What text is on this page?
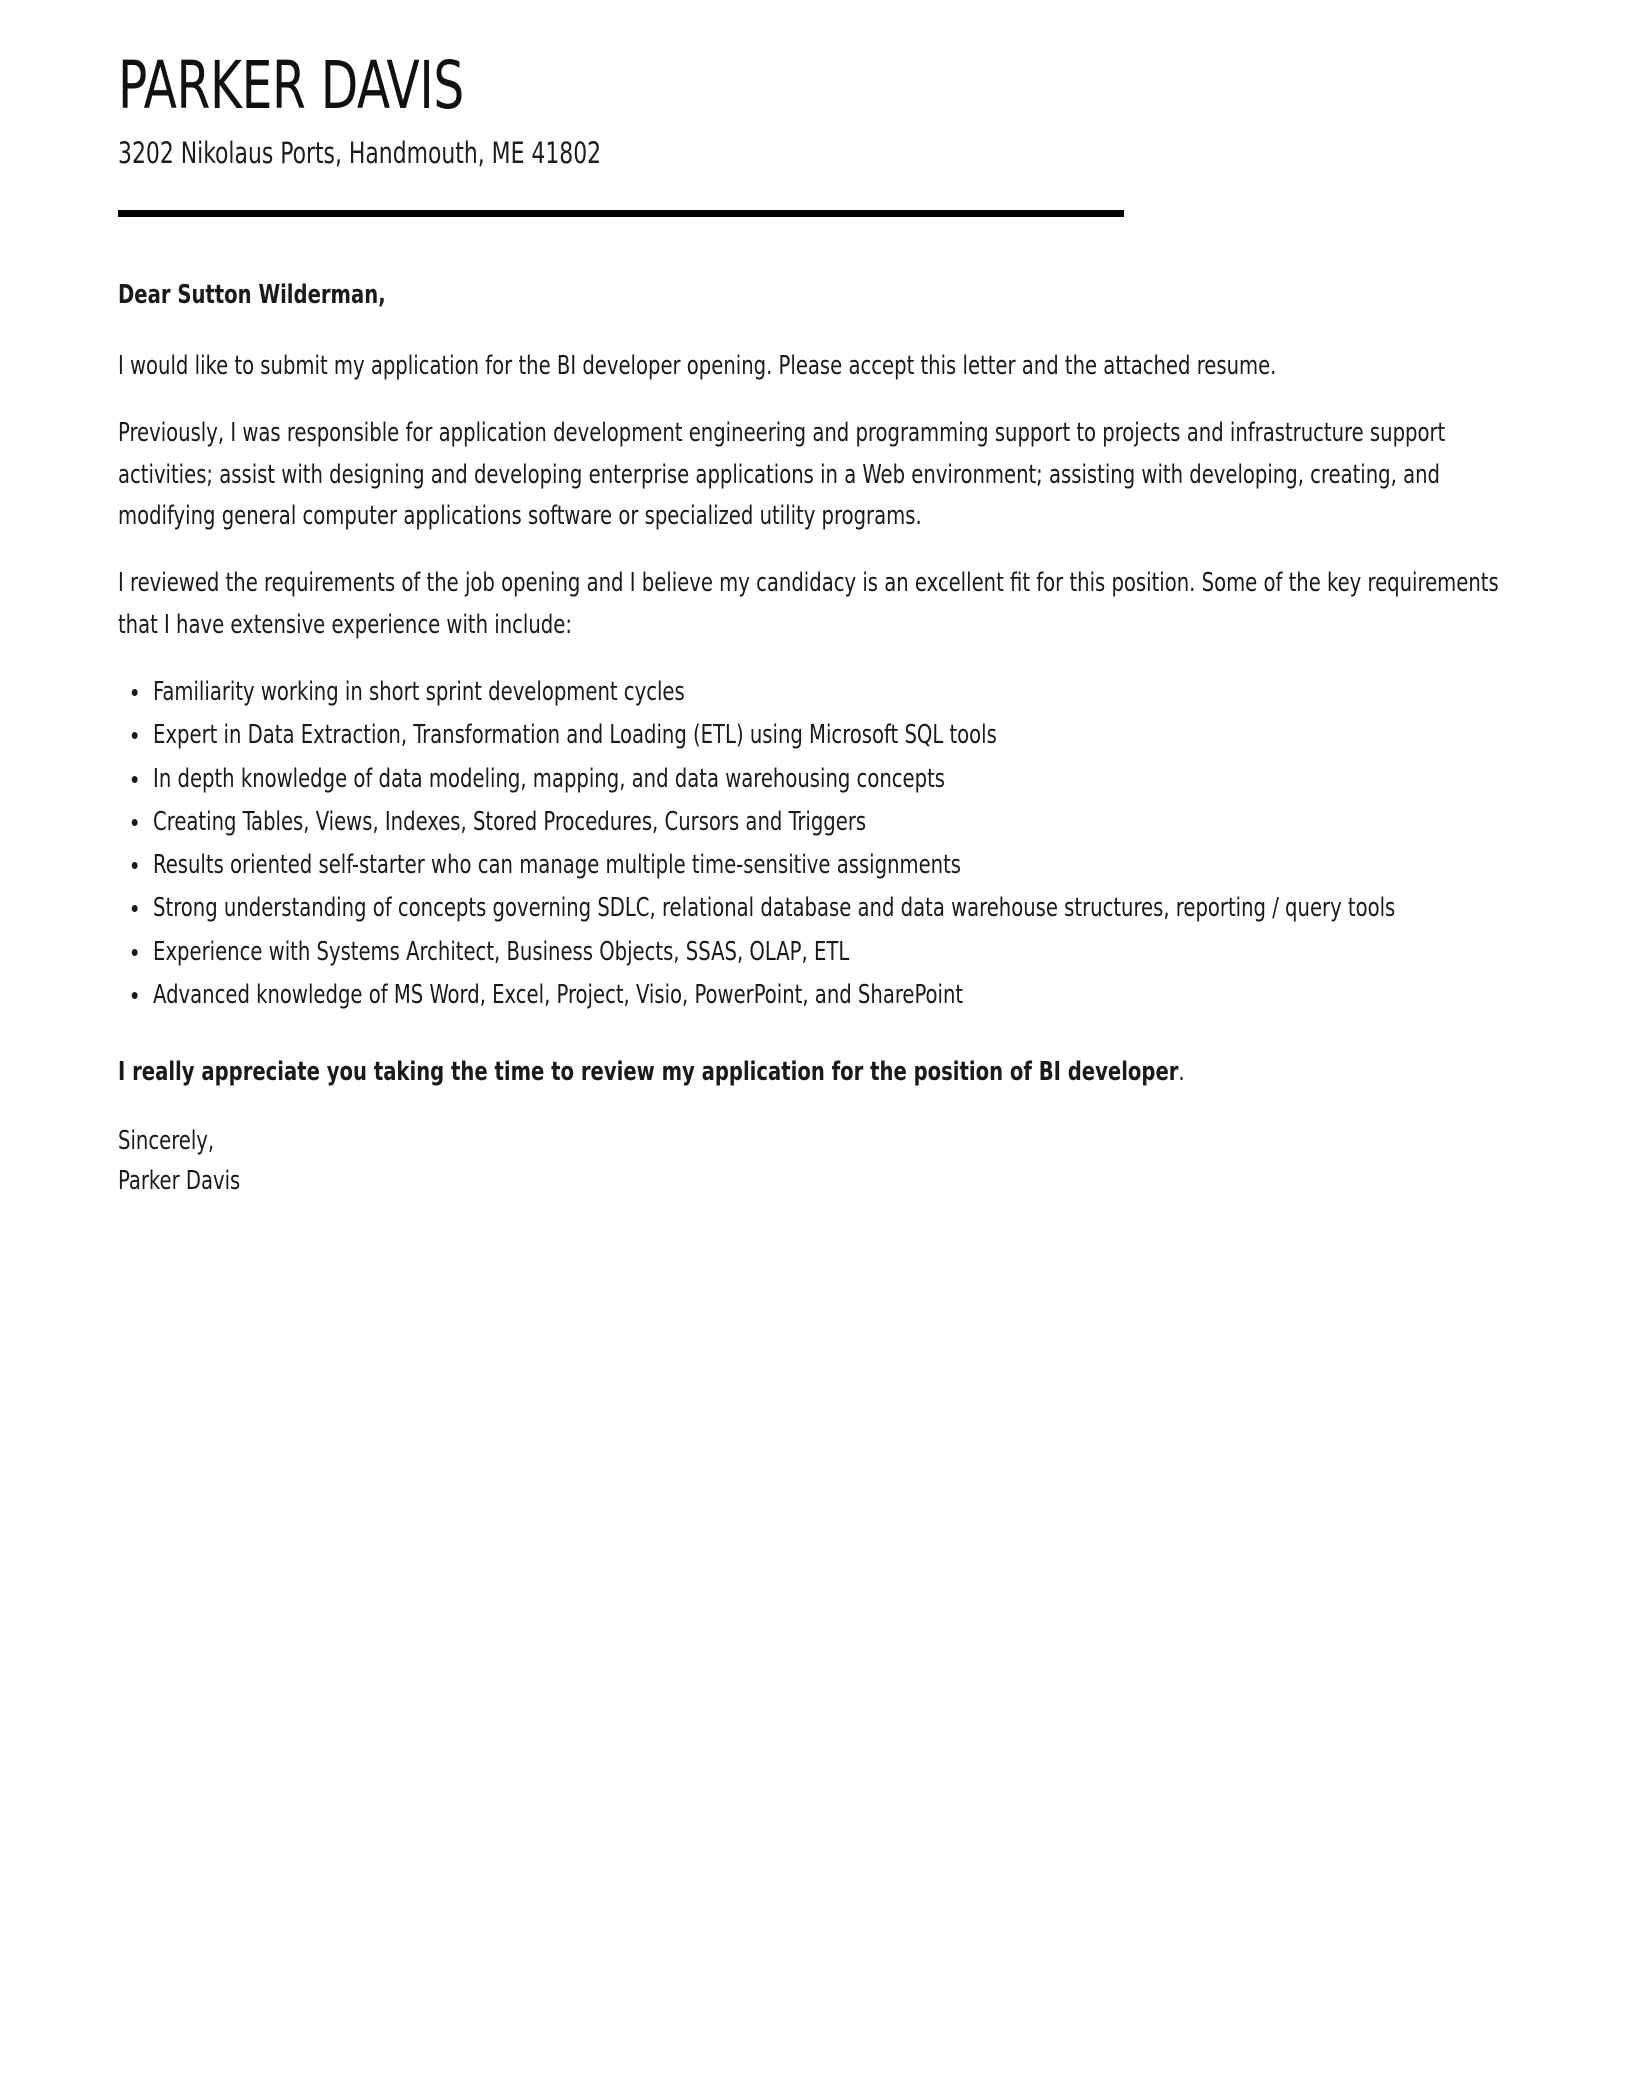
PARKER DAVIS
3202 Nikolaus Ports, Handmouth, ME 41802

Dear Sutton Wilderman,

I would like to submit my application for the BI developer opening. Please accept this letter and the attached resume.

Previously, I was responsible for application development engineering and programming support to projects and infrastructure support activities; assist with designing and developing enterprise applications in a Web environment; assisting with developing, creating, and modifying general computer applications software or specialized utility programs.

I reviewed the requirements of the job opening and I believe my candidacy is an excellent fit for this position. Some of the key requirements that I have extensive experience with include:

Familiarity working in short sprint development cycles
Expert in Data Extraction, Transformation and Loading (ETL) using Microsoft SQL tools
In depth knowledge of data modeling, mapping, and data warehousing concepts
Creating Tables, Views, Indexes, Stored Procedures, Cursors and Triggers
Results oriented self-starter who can manage multiple time-sensitive assignments
Strong understanding of concepts governing SDLC, relational database and data warehouse structures, reporting / query tools
Experience with Systems Architect, Business Objects, SSAS, OLAP, ETL
Advanced knowledge of MS Word, Excel, Project, Visio, PowerPoint, and SharePoint

I really appreciate you taking the time to review my application for the position of BI developer.

Sincerely,
Parker Davis
